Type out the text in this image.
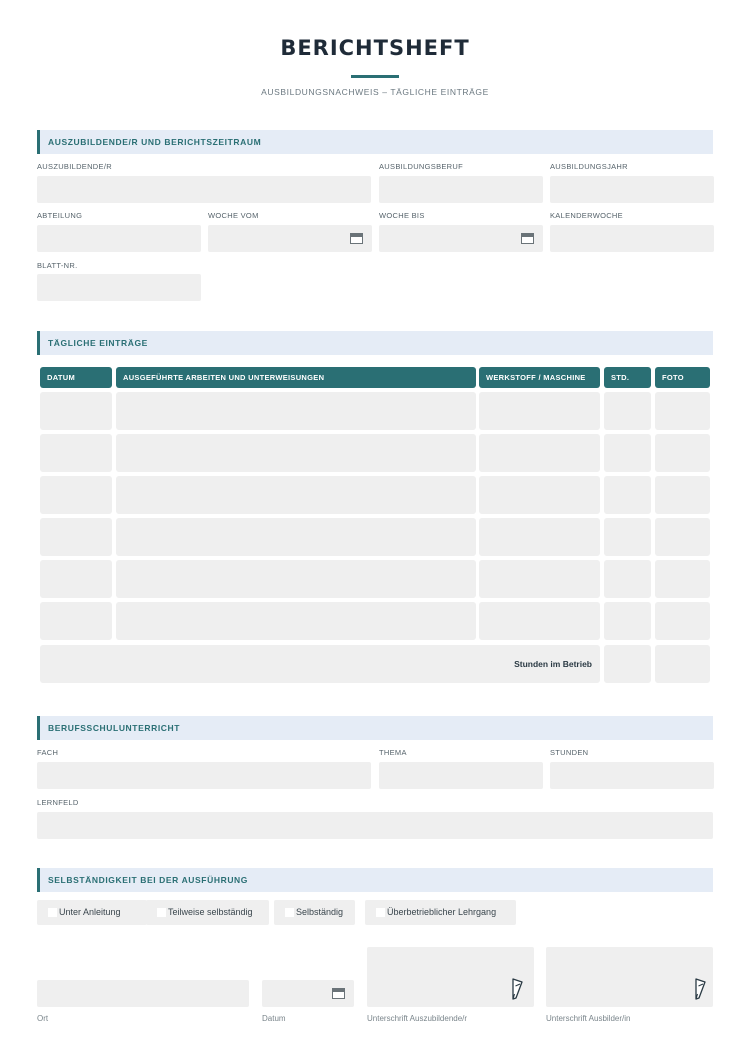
BERICHTSHEFT
AUSBILDUNGSNACHWEIS – TÄGLICHE EINTRÄGE
AUSZUBILDENDE/R UND BERICHTSZEITRAUM
AUSZUBILDENDE/R	AUSBILDUNGSBERUF	AUSBILDUNGSJAHR
ABTEILUNG	WOCHE VOM	WOCHE BIS	KALENDERWOCHE
BLATT-NR.
TÄGLICHE EINTRÄGE
DATUM	AUSGEFÜHRTE ARBEITEN UND UNTERWEISUNGEN	WERKSTOFF / MASCHINE	STD.	FOTO
Stunden im Betrieb
BERUFSSCHULUNTERRICHT
FACH	THEMA	STUNDEN
LERNFELD
SELBSTÄNDIGKEIT BEI DER AUSFÜHRUNG
Unter Anleitung	Teilweise selbständig	Selbständig	Überbetrieblicher Lehrgang
Ort	Datum	Unterschrift Auszubildende/r	Unterschrift Ausbilder/in
